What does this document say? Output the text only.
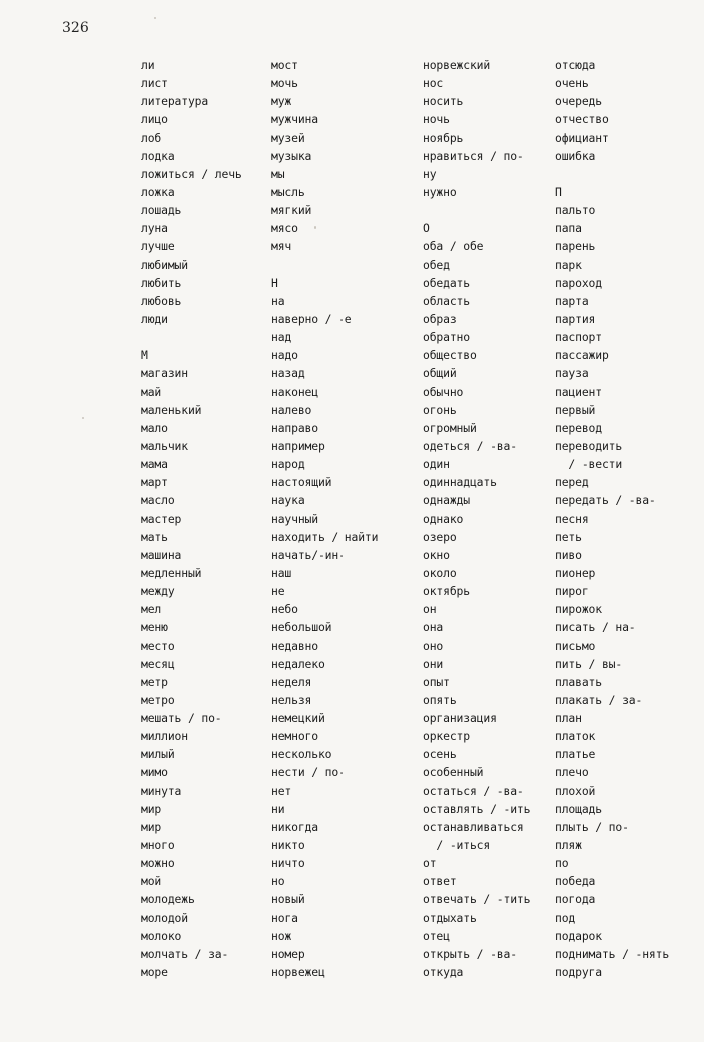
326
ли
лист
литература
лицо
лоб
лодка
ложиться / лечь
ложка
лошадь
луна
лучше
любимый
любить
любовь
люди
М
магазин
май
маленький
мало
мальчик
мама
март
масло
мастер
мать
машина
медленный
между
мел
меню
место
месяц
метр
метро
мешать / по-
миллион
милый
мимо
минута
мир
мир
много
можно
мой
молодежь
молодой
молоко
молчать / за-
море
мост
мочь
муж
мужчина
музей
музыка
мы
мысль
мягкий
мясо
мяч
Н
на
наверно / -е
над
надо
назад
наконец
налево
направо
например
народ
настоящий
наука
научный
находить / найти
начать/-ин-
наш
не
небо
небольшой
недавно
недалеко
неделя
нельзя
немецкий
немного
несколько
нести / по-
нет
ни
никогда
никто
ничто
но
новый
нога
нож
номер
норвежец
норвежский
нос
носить
ночь
ноябрь
нравиться / по-
ну
нужно
О
оба / обе
обед
обедать
область
образ
обратно
общество
общий
обычно
огонь
огромный
одеться / -ва-
один
одиннадцать
однажды
однако
озеро
окно
около
октябрь
он
она
оно
они
опыт
опять
организация
оркестр
осень
особенный
остаться / -ва-
оставлять / -ить
останавливаться
/ -иться
от
ответ
отвечать / -тить
отдыхать
отец
открыть / -ва-
откуда
отсюда
очень
очередь
отчество
официант
ошибка
П
пальто
папа
парень
парк
пароход
парта
партия
паспорт
пассажир
пауза
пациент
первый
перевод
переводить
/ -вести
перед
передать / -ва-
песня
петь
пиво
пионер
пирог
пирожок
писать / на-
письмо
пить / вы-
плавать
плакать / за-
план
платок
платье
плечо
плохой
площадь
плыть / по-
пляж
по
победа
погода
под
подарок
поднимать / -нять
подруга
